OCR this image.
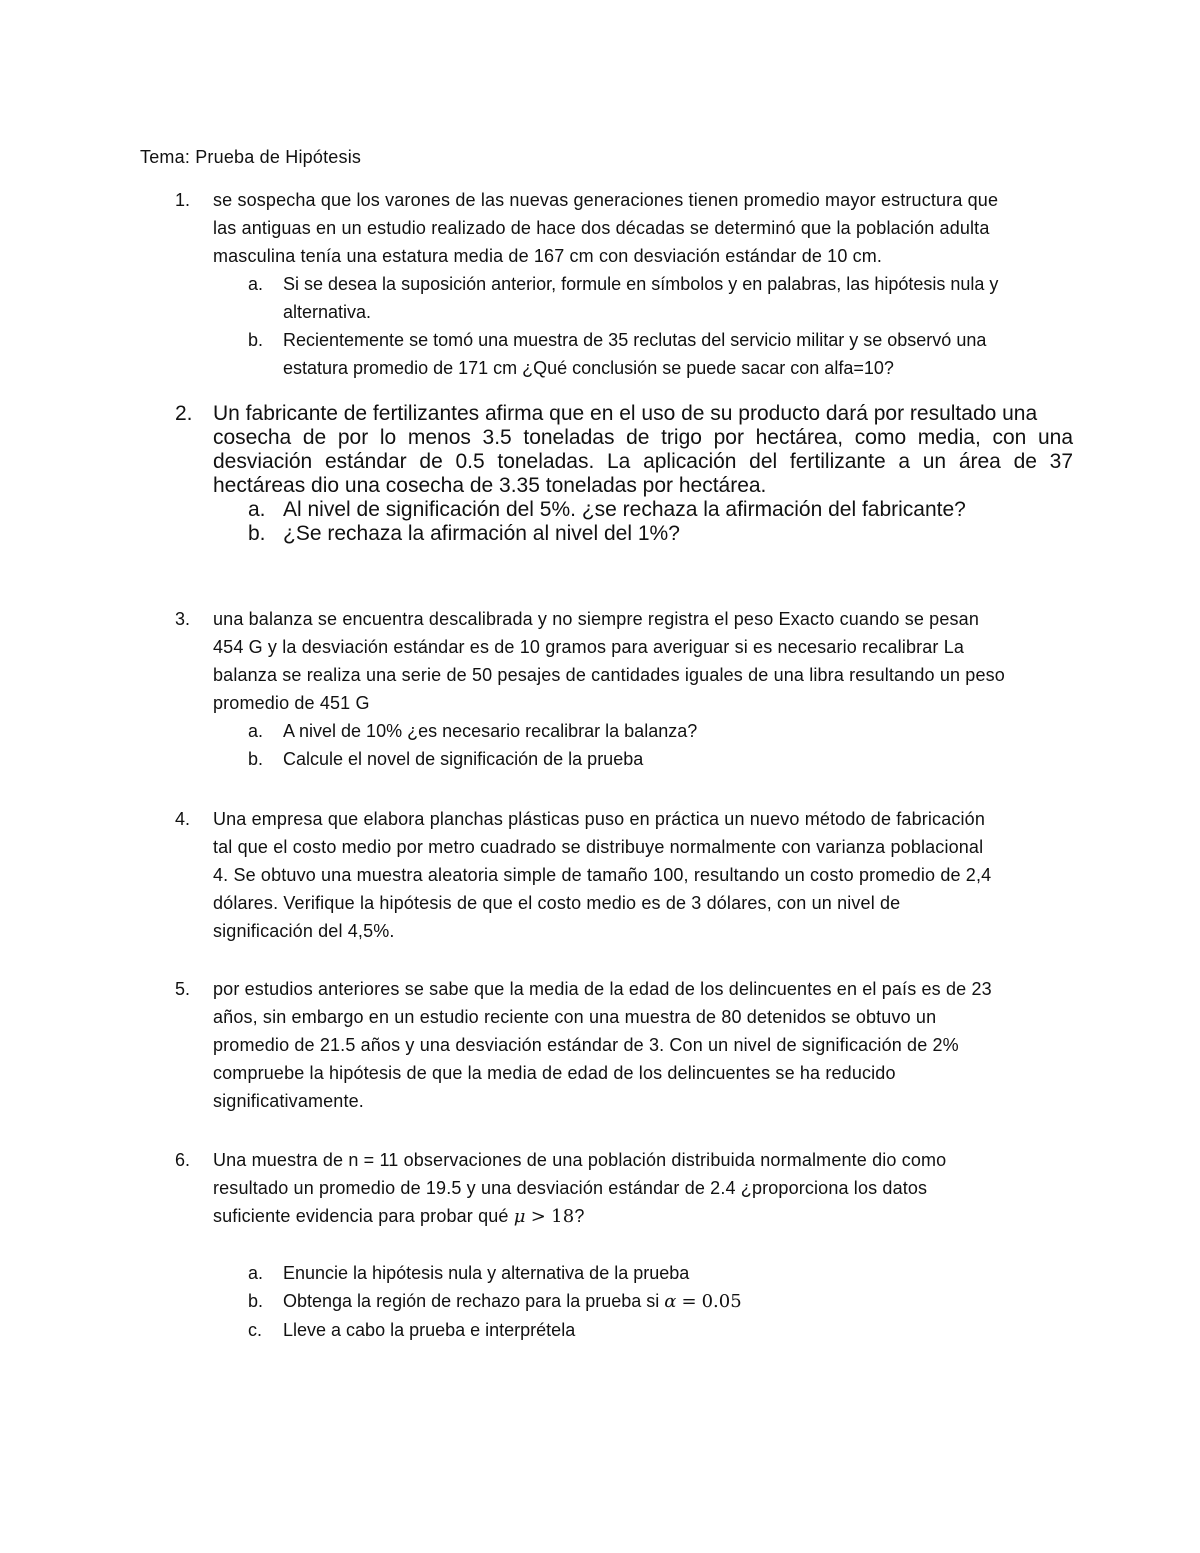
Tema: Prueba de Hipótesis
1. se sospecha que los varones de las nuevas generaciones tienen promedio mayor estructura que
las antiguas en un estudio realizado de hace dos décadas se determinó que la población adulta
masculina tenía una estatura media de 167 cm con desviación estándar de 10 cm.
a. Si se desea la suposición anterior, formule en símbolos y en palabras, las hipótesis nula y
alternativa.
b. Recientemente se tomó una muestra de 35 reclutas del servicio militar y se observó una
estatura promedio de 171 cm ¿Qué conclusión se puede sacar con alfa=10?
2. Un fabricante de fertilizantes afirma que en el uso de su producto dará por resultado una
cosecha de por lo menos 3.5 toneladas de trigo por hectárea, como media, con una
desviación estándar de 0.5 toneladas. La aplicación del fertilizante a un área de 37
hectáreas dio una cosecha de 3.35 toneladas por hectárea.
a. Al nivel de significación del 5%. ¿se rechaza la afirmación del fabricante?
b. ¿Se rechaza la afirmación al nivel del 1%?
3. una balanza se encuentra descalibrada y no siempre registra el peso Exacto cuando se pesan
454 G y la desviación estándar es de 10 gramos para averiguar si es necesario recalibrar La
balanza se realiza una serie de 50 pesajes de cantidades iguales de una libra resultando un peso
promedio de 451 G
a. A nivel de 10% ¿es necesario recalibrar la balanza?
b. Calcule el novel de significación de la prueba
4. Una empresa que elabora planchas plásticas puso en práctica un nuevo método de fabricación
tal que el costo medio por metro cuadrado se distribuye normalmente con varianza poblacional
4. Se obtuvo una muestra aleatoria simple de tamaño 100, resultando un costo promedio de 2,4
dólares. Verifique la hipótesis de que el costo medio es de 3 dólares, con un nivel de
significación del 4,5%.
5. por estudios anteriores se sabe que la media de la edad de los delincuentes en el país es de 23
años, sin embargo en un estudio reciente con una muestra de 80 detenidos se obtuvo un
promedio de 21.5 años y una desviación estándar de 3. Con un nivel de significación de 2%
compruebe la hipótesis de que la media de edad de los delincuentes se ha reducido
significativamente.
6. Una muestra de n = 11 observaciones de una población distribuida normalmente dio como
resultado un promedio de 19.5 y una desviación estándar de 2.4 ¿proporciona los datos
suficiente evidencia para probar qué μ > 18?
a. Enuncie la hipótesis nula y alternativa de la prueba
b. Obtenga la región de rechazo para la prueba si α = 0.05
c. Lleve a cabo la prueba e interprétela
